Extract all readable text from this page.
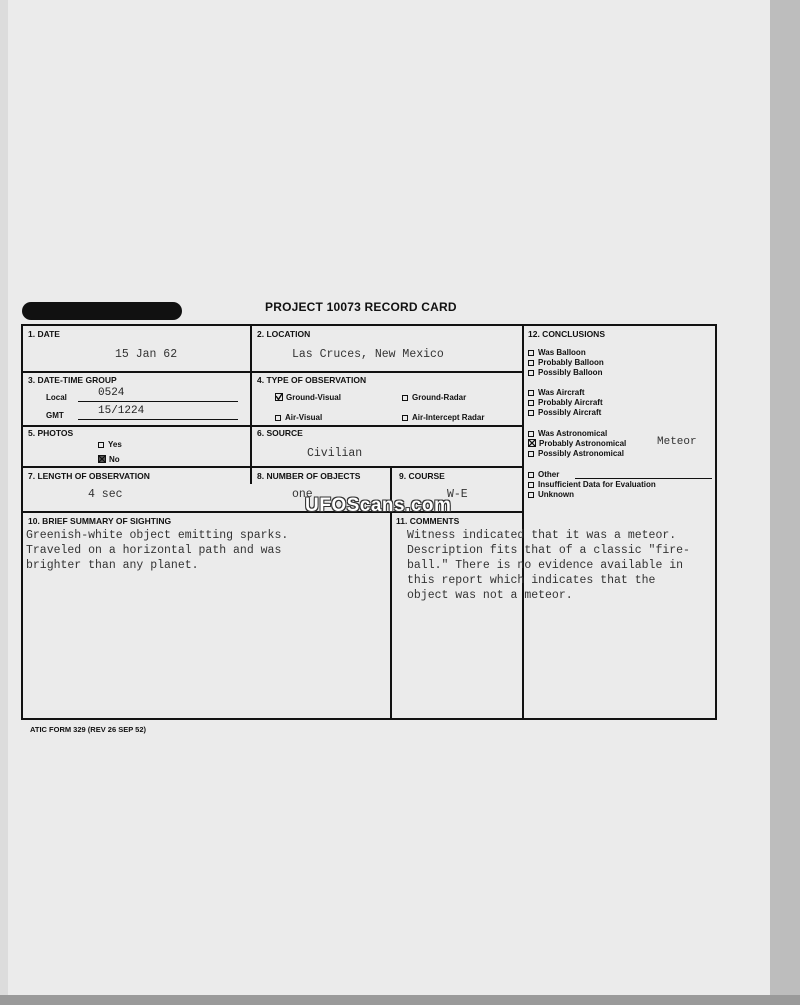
PROJECT 10073 RECORD CARD
1. DATE
15 Jan 62
2. LOCATION
Las Cruces, New Mexico
3. DATE-TIME GROUP
Local	0524
GMT	15/1224
4. TYPE OF OBSERVATION
Ground-Visual	Ground-Radar
Air-Visual	Air-Intercept Radar
5. PHOTOS
Yes
No
6. SOURCE
Civilian
7. LENGTH OF OBSERVATION
4 sec
8. NUMBER OF OBJECTS
one
9. COURSE
W-E
10. BRIEF SUMMARY OF SIGHTING
Greenish-white object emitting sparks.
Traveled on a horizontal path and was
brighter than any planet.
11. COMMENTS
Witness indicated that it was a meteor.
Description fits that of a classic "fire-
ball." There is no evidence available in
this report which indicates that the
object was not a meteor.
12. CONCLUSIONS
Was Balloon
Probably Balloon
Possibly Balloon
Was Aircraft
Probably Aircraft
Possibly Aircraft
Was Astronomical
Probably Astronomical	Meteor
Possibly Astronomical
Other
Insufficient Data for Evaluation
Unknown
UFOScans.com
ATIC FORM 329 (REV 26 SEP 52)
